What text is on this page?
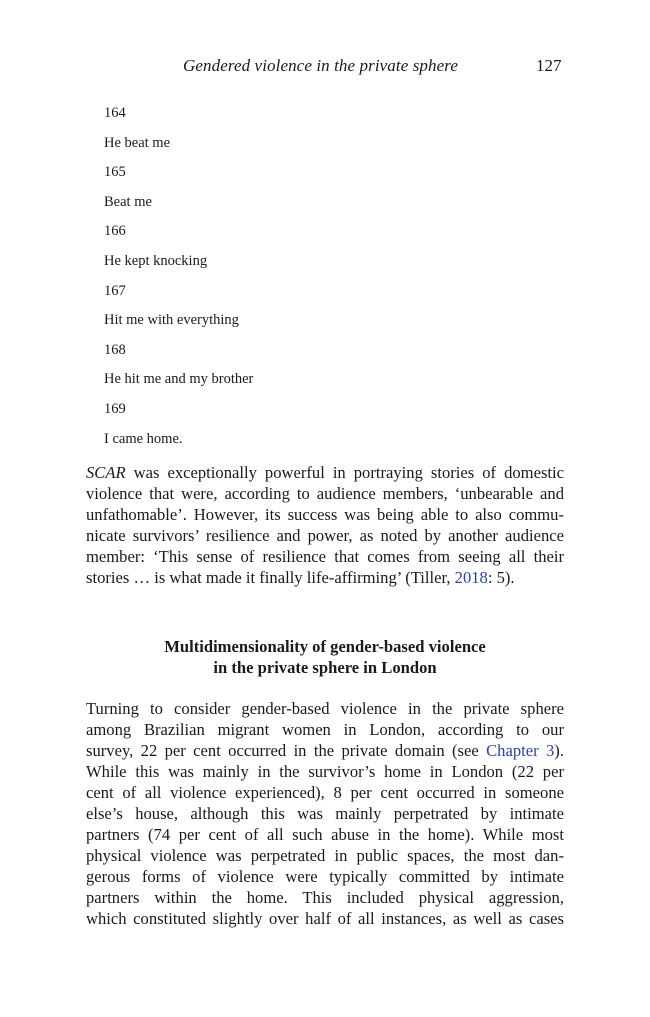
Gendered violence in the private sphere	127
164
He beat me
165
Beat me
166
He kept knocking
167
Hit me with everything
168
He hit me and my brother
169
I came home.
SCAR was exceptionally powerful in portraying stories of domestic
violence that were, according to audience members, ‘unbearable and
unfathomable’. However, its success was being able to also commu-
nicate survivors’ resilience and power, as noted by another audience
member: ‘This sense of resilience that comes from seeing all their
stories … is what made it finally life-affirming’ (Tiller, 2018: 5).
Multidimensionality of gender-based violence
in the private sphere in London
Turning to consider gender-based violence in the private sphere
among Brazilian migrant women in London, according to our
survey, 22 per cent occurred in the private domain (see Chapter 3).
While this was mainly in the survivor’s home in London (22 per
cent of all violence experienced), 8 per cent occurred in someone
else’s house, although this was mainly perpetrated by intimate
partners (74 per cent of all such abuse in the home). While most
physical violence was perpetrated in public spaces, the most dan-
gerous forms of violence were typically committed by intimate
partners within the home. This included physical aggression,
which constituted slightly over half of all instances, as well as cases
